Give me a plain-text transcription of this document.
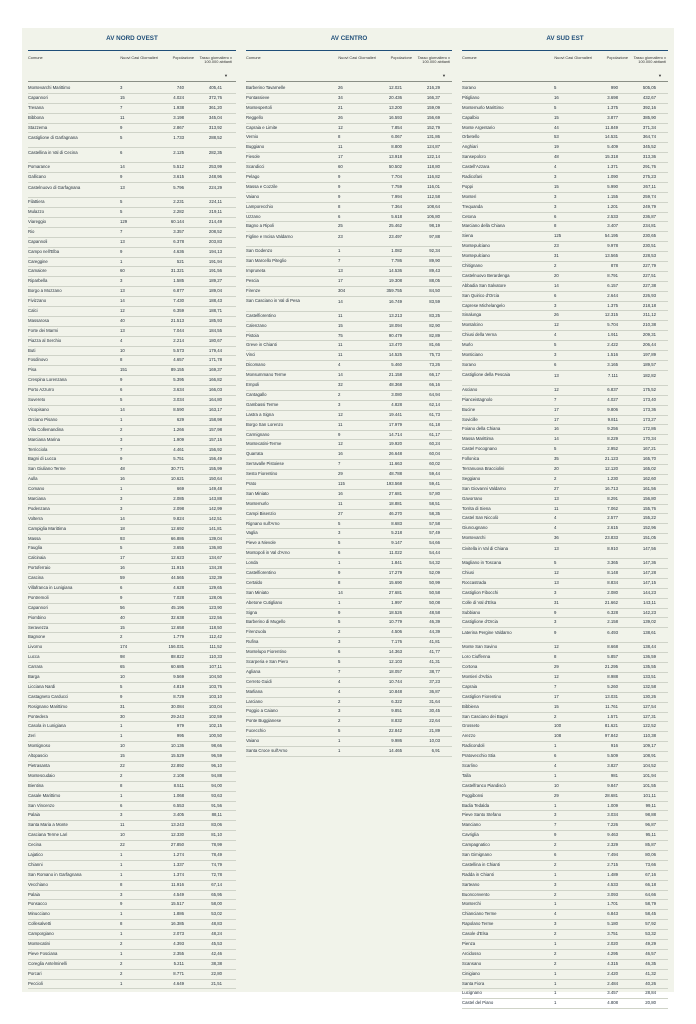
AV NORD OVEST
Comune	Nuovi Casi Giornalieri	Popolazione	Tasso giornaliero x 100.000 abitanti
▼
Montevarchi Marittimo	3	740	405,41
Capannori	15	4.024	372,76
Tresana	7	1.938	361,20
Bibbona	11	3.198	345,04
Stazzema	9	2.867	313,92
Castiglione di Garfagnana	5	1.733	288,52
Castellina in Val di Cecina	6	2.125	282,35
Pomarance	14	5.512	253,99
Gallicano	9	3.615	248,96
Castelnuovo di Garfagnana	13	5.796	224,29
Filattiera	5	2.231	224,11
Mulazzo	5	2.282	219,11
Viareggio	129	60.144	214,49
Rio	7	3.357	208,52
Capannoli	13	6.378	203,83
Campo nell'Elba	9	4.636	194,13
Careggine	1	521	191,94
Camaiore	60	31.321	191,56
Riparbella	3	1.585	189,27
Borgo a Mozzano	13	6.877	189,04
Fivizzano	14	7.430	188,43
Calci	12	6.359	188,71
Massarosa	40	21.513	185,93
Forte dei Marmi	13	7.044	184,55
Piazza al Serchio	4	2.214	180,67
Buti	10	5.573	179,44
Fosdinovo	8	4.657	171,78
Pisa	151	89.155	169,37
Crespina Lorenzana	9	5.395	166,82
Porto Azzurro	6	3.634	166,03
Suvereto	5	3.034	164,80
Vicopisano	14	8.590	163,17
Orciano Pisano	1	629	158,98
Villa Collemandina	2	1.266	157,98
Marciana Marina	3	1.909	157,15
Terricciola	7	4.461	156,92
Bagni di Lucca	9	5.751	156,49
San Giuliano Terme	48	30.771	155,99
Aulla	16	10.621	150,64
Comano	1	669	149,48
Marciana	3	2.085	143,88
Podenzana	3	2.098	142,99
Volterra	14	9.824	142,51
Campiglia Marittima	18	12.692	141,81
Massa	93	66.886	139,04
Fauglia	5	3.655	136,80
Calcinaia	17	12.623	134,67
Portoferraio	16	11.915	134,28
Cascina	59	44.565	132,39
Villafranca in Lunigiana	6	4.628	129,65
Pontremoli	9	7.028	128,06
Capannori	56	45.196	123,90
Piombino	40	32.638	122,56
Seravezza	15	12.658	118,50
Bagnone	2	1.779	112,42
Livorno	174	156.031	111,52
Lucca	98	88.822	110,33
Carrara	65	60.685	107,11
Barga	10	9.569	104,50
Licciana Nardi	5	4.819	103,76
Castagneto Carducci	9	8.729	103,10
Rosignano Marittimo	31	30.084	103,04
Pontedera	30	29.243	102,59
Casola in Lunigiana	1	979	102,15
Zeri	1	995	100,50
Montignoso	10	10.136	98,66
Altopascio	15	15.529	96,59
Pietrasanta	22	22.892	96,10
Montescudaio	2	2.108	94,88
Bientina	8	8.511	94,00
Casale Marittimo	1	1.068	93,63
San Vincenzo	6	6.553	91,56
Palaia	3	3.405	88,11
Santa Maria a Monte	11	13.243	83,06
Casciana Terme Lari	10	12.330	81,10
Cecina	22	27.850	78,99
Lajatico	1	1.274	78,49
Chianni	1	1.337	74,79
San Romano in Garfagnana	1	1.374	72,78
Vecchiano	8	11.916	67,14
Palaia	3	4.549	65,95
Ponsacco	9	15.517	58,00
Minucciano	1	1.886	53,02
Collesalvetti	8	16.385	48,83
Camporgiano	1	2.073	48,24
Montecatini	2	4.393	45,53
Pieve Fosciana	1	2.355	42,46
Coreglia Antelminelli	2	5.211	38,38
Porcari	2	8.771	22,80
Peccioli	1	4.649	21,51
AV CENTRO
Comune	Nuovi Casi Giornalieri	Popolazione	Tasso giornaliero x 100.000 abitanti
▼
Barberino Tavarnelle	26	12.021	216,29
Pontassieve	34	20.436	166,37
Montespertoli	21	13.200	159,09
Reggello	26	16.593	156,69
Capraia e Limite	12	7.854	152,79
Vernio	8	6.067	131,86
Buggiano	11	8.800	124,87
Fiesole	17	13.918	122,14
Scandicci	60	50.502	118,80
Pelago	9	7.704	116,82
Massa e Cozzile	9	7.759	116,01
Vaiano	9	7.994	112,58
Lamporecchio	8	7.364	108,64
Uzzano	6	5.618	106,80
Bagno a Ripoli	25	25.462	98,19
Figline e Incisa Valdarno	23	23.497	97,88
San Godenzo	1	1.082	92,34
San Marcello Piteglio	7	7.786	89,90
Impruneta	13	14.536	89,43
Pescia	17	19.308	88,05
Firenze	304	359.755	84,50
San Casciano in Val di Pesa	14	16.749	83,59
Castelfiorentino	11	13.213	83,25
Calenzano	15	18.094	82,90
Pistoia	75	90.479	82,89
Greve in Chianti	11	13.470	81,66
Vinci	11	14.525	75,73
Dicomano	4	5.460	73,26
Monsummano Terme	14	21.158	66,17
Empoli	32	48.368	66,16
Cantagallo	2	3.080	64,94
Gambassi Terme	3	4.828	62,14
Lastra a Signa	12	19.441	61,73
Borgo San Lorenzo	11	17.979	61,18
Carmignano	9	14.714	61,17
Montecatini-Terme	12	19.920	60,24
Quarrata	16	26.648	60,04
Serravalle Pistoiese	7	11.663	60,02
Sesto Fiorentino	29	48.788	59,44
Prato	115	193.568	59,41
San Miniato	16	27.681	57,80
Montemurlo	11	18.881	58,51
Campi Bisenzio	27	46.270	58,35
Rignano sull'Arno	5	8.683	57,58
Vaglia	3	5.218	57,49
Pieve a Nievole	5	9.147	54,66
Montopoli in Val d'Arno	6	11.022	54,44
Londa	1	1.841	54,32
Castelfiorentino	9	17.279	52,09
Certaldo	8	15.690	50,99
San Miniato	14	27.681	50,58
Abetone Cutigliano	1	1.997	50,08
Signa	9	18.526	48,58
Barberino di Mugello	5	10.779	46,39
Firenzuola	2	4.506	44,39
Rufina	3	7.176	41,81
Montelupo Fiorentino	6	14.363	41,77
Scarperia e San Piero	5	12.103	41,31
Agliana	7	18.057	38,77
Cerreto Guidi	4	10.744	37,23
Marliana	4	10.848	36,87
Larciano	2	6.322	31,64
Poggio a Caiano	3	9.851	30,45
Ponte Buggianese	2	8.832	22,64
Fucecchio	5	22.842	21,89
Vaiano	1	9.986	10,03
Santa Croce sull'Arno	1	14.465	6,91
AV SUD EST
Comune	Nuovi Casi Giornalieri	Popolazione	Tasso giornaliero x 100.000 abitanti
▼
Sorano	5	990	505,05
Pitigliano	16	3.698	432,67
Montemurlo Marittimo	5	1.375	392,16
Capalbio	15	3.877	385,90
Monte Argentario	44	11.849	371,34
Orbetello	53	14.531	364,74
Anghiari	19	5.409	345,52
Sansepolcro	48	15.318	313,36
Castell'Azzara	4	1.371	291,76
Radicofani	3	1.090	275,23
Poppi	15	5.990	267,11
Monteri	3	1.155	259,74
Trequanda	3	1.201	249,79
Cetona	6	2.533	236,87
Marciano della Chiana	8	3.407	234,81
Siena	125	54.195	230,65
Montepulciano	23	9.978	230,51
Montepulciano	31	13.565	228,53
Chitignano	2	878	227,79
Castelnuovo Berardenga	20	8.791	227,51
Abbadia San Salvatore	14	6.157	227,38
San Quirico d'Orcia	6	2.644	226,93
Caprese Michelangelo	3	1.375	218,18
Sinalunga	26	12.315	211,12
Montalcino	12	5.704	210,38
Chiusi della Verna	4	1.911	209,31
Murlo	5	2.422	206,44
Monticiano	3	1.516	197,89
Sorano	6	3.165	189,57
Castiglione della Pescaia	13	7.111	182,82
Asciano	12	6.837	175,52
Pianceistagnolo	7	4.027	173,40
Bucine	17	9.806	173,36
Sovicille	17	9.811	173,27
Foiano della Chiana	16	9.256	172,86
Massa Marittima	14	8.229	170,34
Castel Focognano	5	2.952	167,21
Follonica	35	21.123	165,70
Terranuova Bracciolini	20	12.120	165,02
Seggiano	2	1.230	162,60
San Giovanni Valdarno	27	16.713	161,56
Gavorrano	13	8.291	156,80
Torrita di Siena	11	7.062	155,76
Castel San Niccolò	4	2.577	155,22
Giuncugnano	4	2.615	152,96
Montevarchi	36	23.833	151,05
Civitella in Val di Chiana	13	8.910	147,56
Magliano in Toscana	5	3.365	147,36
Chiusi	12	8.148	147,28
Roccastrada	13	8.834	147,15
Castiglion Fibocchi	3	2.080	144,23
Colle di Val d'Elsa	31	21.662	143,11
Subbiano	9	6.328	142,23
Castiglione d'Orcia	3	2.158	139,02
Laterina Pergine Valdarno	9	6.493	138,61
Monte San Savino	12	8.668	138,44
Loro Ciuffenna	8	5.857	136,59
Cortona	29	21.295	135,55
Montieri d'Arbia	12	8.988	133,51
Capraia	7	5.260	132,58
Castiglion Fiorentino	17	13.031	130,26
Bibbiena	15	11.761	127,54
San Casciano dei Bagni	2	1.571	127,31
Grosseto	100	81.621	122,52
Arezzo	108	97.842	110,38
Radicondoli	1	916	109,17
Pratovecchio Stia	6	5.509	108,91
Scarlino	4	3.827	104,52
Talla	1	981	101,94
Castelfranco Piandiscò	10	9.847	101,55
Poggibonsi	29	28.681	101,11
Badia Tedalda	1	1.009	99,11
Pieve Santo Stefano	3	3.034	98,88
Manciano	7	7.226	96,87
Cavriglia	9	9.463	95,11
Campagnatico	2	2.329	85,87
San Gimignano	6	7.494	80,06
Castellina in Chianti	2	2.715	73,66
Radda in Chianti	1	1.489	67,16
Sarteano	3	4.533	66,18
Buonconvento	2	3.093	64,66
Monterchi	1	1.701	58,79
Chianciano Terme	4	6.843	58,45
Rapolano Terme	3	5.180	57,92
Casole d'Elsa	2	3.751	53,32
Pienza	1	2.020	49,29
Arcidosso	2	4.295	46,57
Scansano	2	4.315	46,35
Cinigiano	1	2.420	41,32
Santa Fiora	1	2.484	40,26
Lucignano	1	3.457	28,84
Castel del Piano	1	4.808	20,80
